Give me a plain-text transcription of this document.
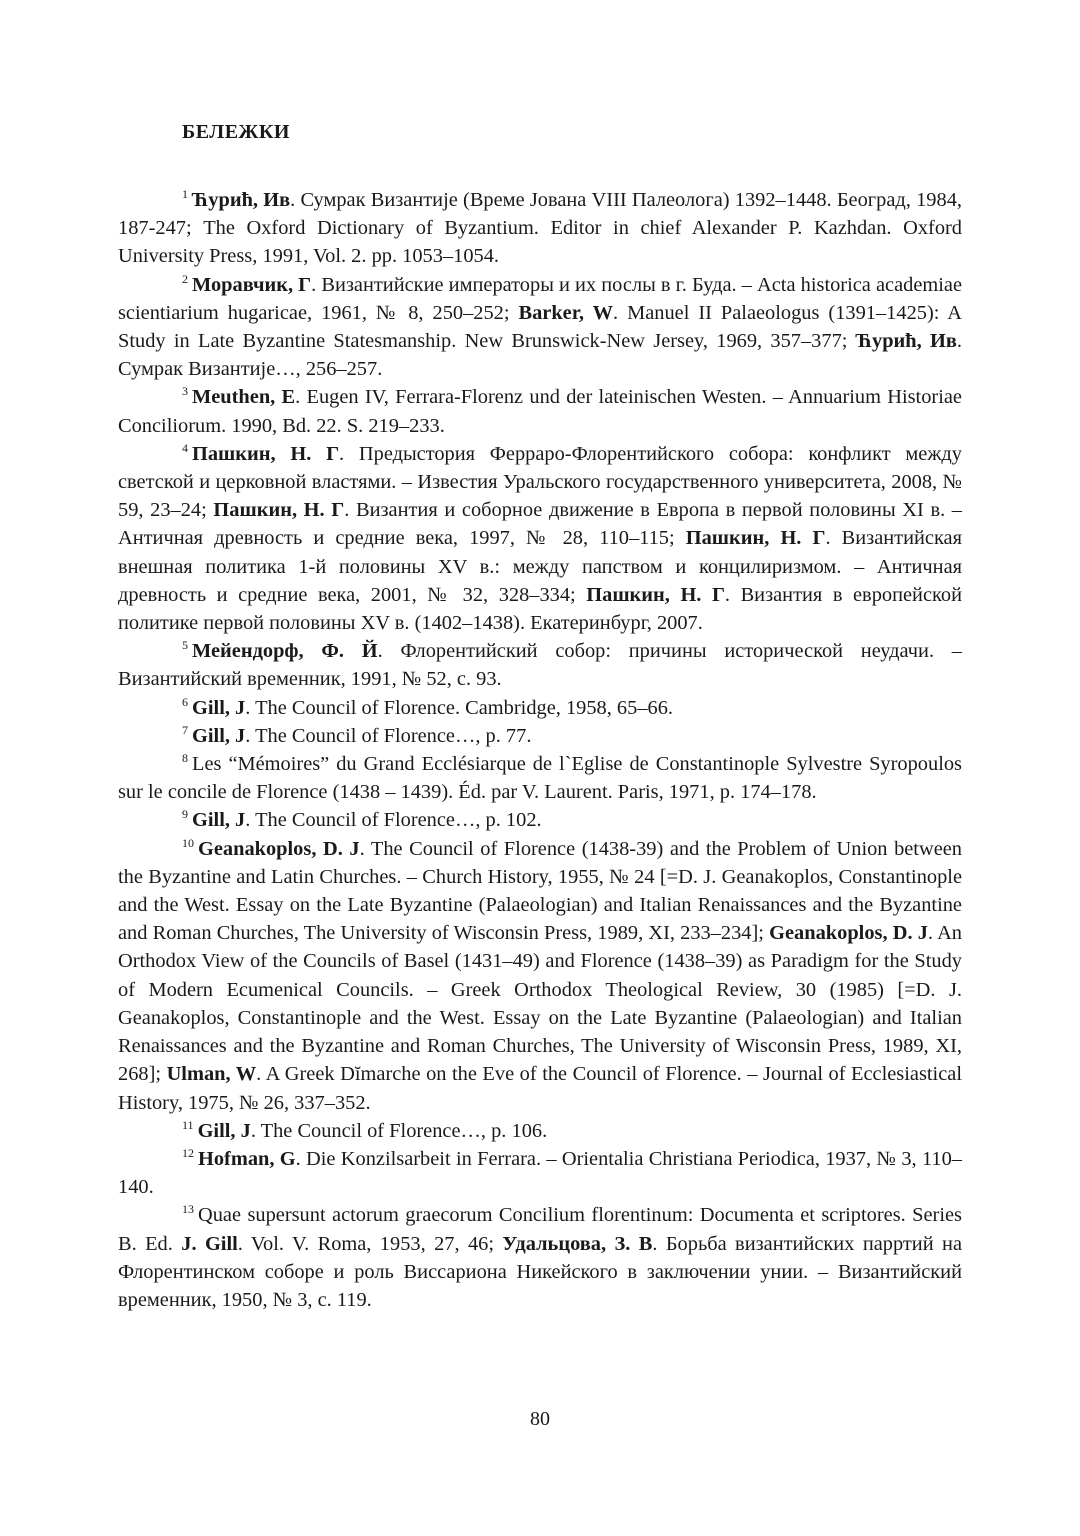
БЕЛЕЖКИ

$^1$ Ћурић, Ив. Сумрак Византије (Време Јована VIII Палеолога) 1392–1448. Београд, 1984, 187-247; The Oxford Dictionary of Byzantium. Editor in chief Alexander P. Kazhdan. Oxford University Press, 1991, Vol. 2. pp. 1053–1054.

$^2$ Моравчик, Г. Византийские императоры и их послы в г. Буда. – Acta historica academiae scientiarium hugaricae, 1961, № 8, 250–252; Barker, W. Manuel II Palaeologus (1391–1425): A Study in Late Byzantine Statesmanship. New Brunswick-New Jersey, 1969, 357–377; Ћурић, Ив. Сумрак Византије…, 256–257.

$^3$ Meuthen, E. Eugen IV, Ferrara-Florenz und der lateinischen Westen. – Annuarium Historiae Conciliorum. 1990, Bd. 22. S. 219–233.

$^4$ Пашкин, Н. Г. Предыстория Ферраро-Флорентийского собора: конфликт между светской и церковной властями. – Известия Уральского государственного университета, 2008, № 59, 23–24; Пашкин, Н. Г. Византия и соборное движение в Европа в первой половины XI в. – Античная древность и средние века, 1997, № 28, 110–115; Пашкин, Н. Г. Византийская внешная политика 1-й половины XV в.: между папством и концилиризмом. – Античная древность и средние века, 2001, № 32, 328–334; Пашкин, Н. Г. Византия в европейской политике первой половины XV в. (1402–1438). Екатеринбург, 2007.

$^5$ Мейендорф, Ф. Й. Флорентийский собор: причины исторической неудачи. – Византийский временник, 1991, № 52, с. 93.

$^6$ Gill, J. The Council of Florence. Cambridge, 1958, 65–66.

$^7$ Gill, J. The Council of Florence…, p. 77.

$^8$ Les “Mémoires” du Grand Ecclésiarque de l`Eglise de Constantinople Sylvestre Syropoulos sur le concile de Florence (1438 – 1439). Éd. par V. Laurent. Paris, 1971, p. 174–178.

$^9$ Gill, J. The Council of Florence…, p. 102.

$^{10}$ Geanakoplos, D. J. The Council of Florence (1438-39) and the Problem of Union between the Byzantine and Latin Churches. – Church History, 1955, № 24 [=D. J. Geanakoplos, Constantinople and the West. Essay on the Late Byzantine (Palaeologian) and Italian Renaissances and the Byzantine and Roman Churches, The University of Wisconsin Press, 1989, XI, 233–234]; Geanakoplos, D. J. An Orthodox View of the Councils of Basel (1431–49) and Florence (1438–39) as Paradigm for the Study of Modern Ecumenical Councils. – Greek Orthodox Theological Review, 30 (1985) [=D. J. Geanakoplos, Constantinople and the West. Essay on the Late Byzantine (Palaeologian) and Italian Renaissances and the Byzantine and Roman Churches, The University of Wisconsin Press, 1989, XI, 268]; Ulman, W. A Greek Dĭmarche on the Eve of the Council of Florence. – Journal of Ecclesiastical History, 1975, № 26, 337–352.

$^{11}$ Gill, J. The Council of Florence…, p. 106.

$^{12}$ Hofman, G. Die Konzilsarbeit in Ferrara. – Orientalia Christiana Periodica, 1937, № 3, 110–140.

$^{13}$ Quae supersunt actorum graecorum Concilium florentinum: Documenta et scriptores. Series B. Ed. J. Gill. Vol. V. Roma, 1953, 27, 46; Удальцова, З. В. Борьба византийских парртий на Флорентинском соборе и роль Виссариона Никейского в заключении унии. – Византийский временник, 1950, № 3, с. 119.

80
